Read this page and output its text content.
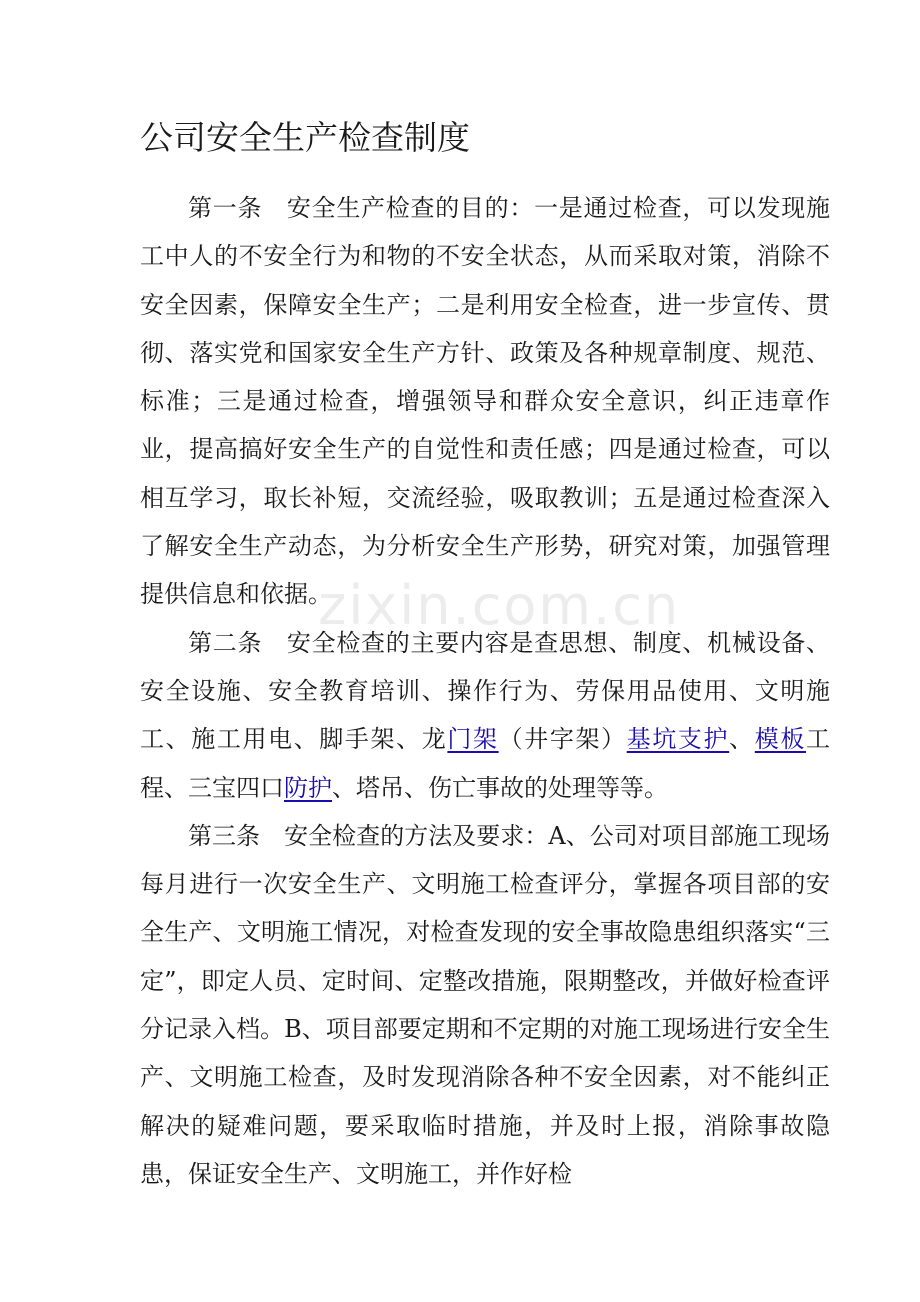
公司安全生产检查制度

第一条 安全生产检查的目的：一是通过检查，可以发现施工中人的不安全行为和物的不安全状态，从而采取对策，消除不安全因素，保障安全生产；二是利用安全检查，进一步宣传、贯彻、落实党和国家安全生产方针、政策及各种规章制度、规范、标准；三是通过检查，增强领导和群众安全意识，纠正违章作业，提高搞好安全生产的自觉性和责任感；四是通过检查，可以相互学习，取长补短，交流经验，吸取教训；五是通过检查深入了解安全生产动态，为分析安全生产形势，研究对策，加强管理提供信息和依据。

第二条 安全检查的主要内容是查思想、制度、机械设备、安全设施、安全教育培训、操作行为、劳保用品使用、文明施工、施工用电、脚手架、龙门架（井字架）基坑支护、模板工程、三宝四口防护、塔吊、伤亡事故的处理等等。

第三条 安全检查的方法及要求：A、公司对项目部施工现场每月进行一次安全生产、文明施工检查评分，掌握各项目部的安全生产、文明施工情况，对检查发现的安全事故隐患组织落实“三定”，即定人员、定时间、定整改措施，限期整改，并做好检查评分记录入档。B、项目部要定期和不定期的对施工现场进行安全生产、文明施工检查，及时发现消除各种不安全因素，对不能纠正解决的疑难问题，要采取临时措施，并及时上报，消除事故隐患，保证安全生产、文明施工，并作好检

zixin.com.cn
